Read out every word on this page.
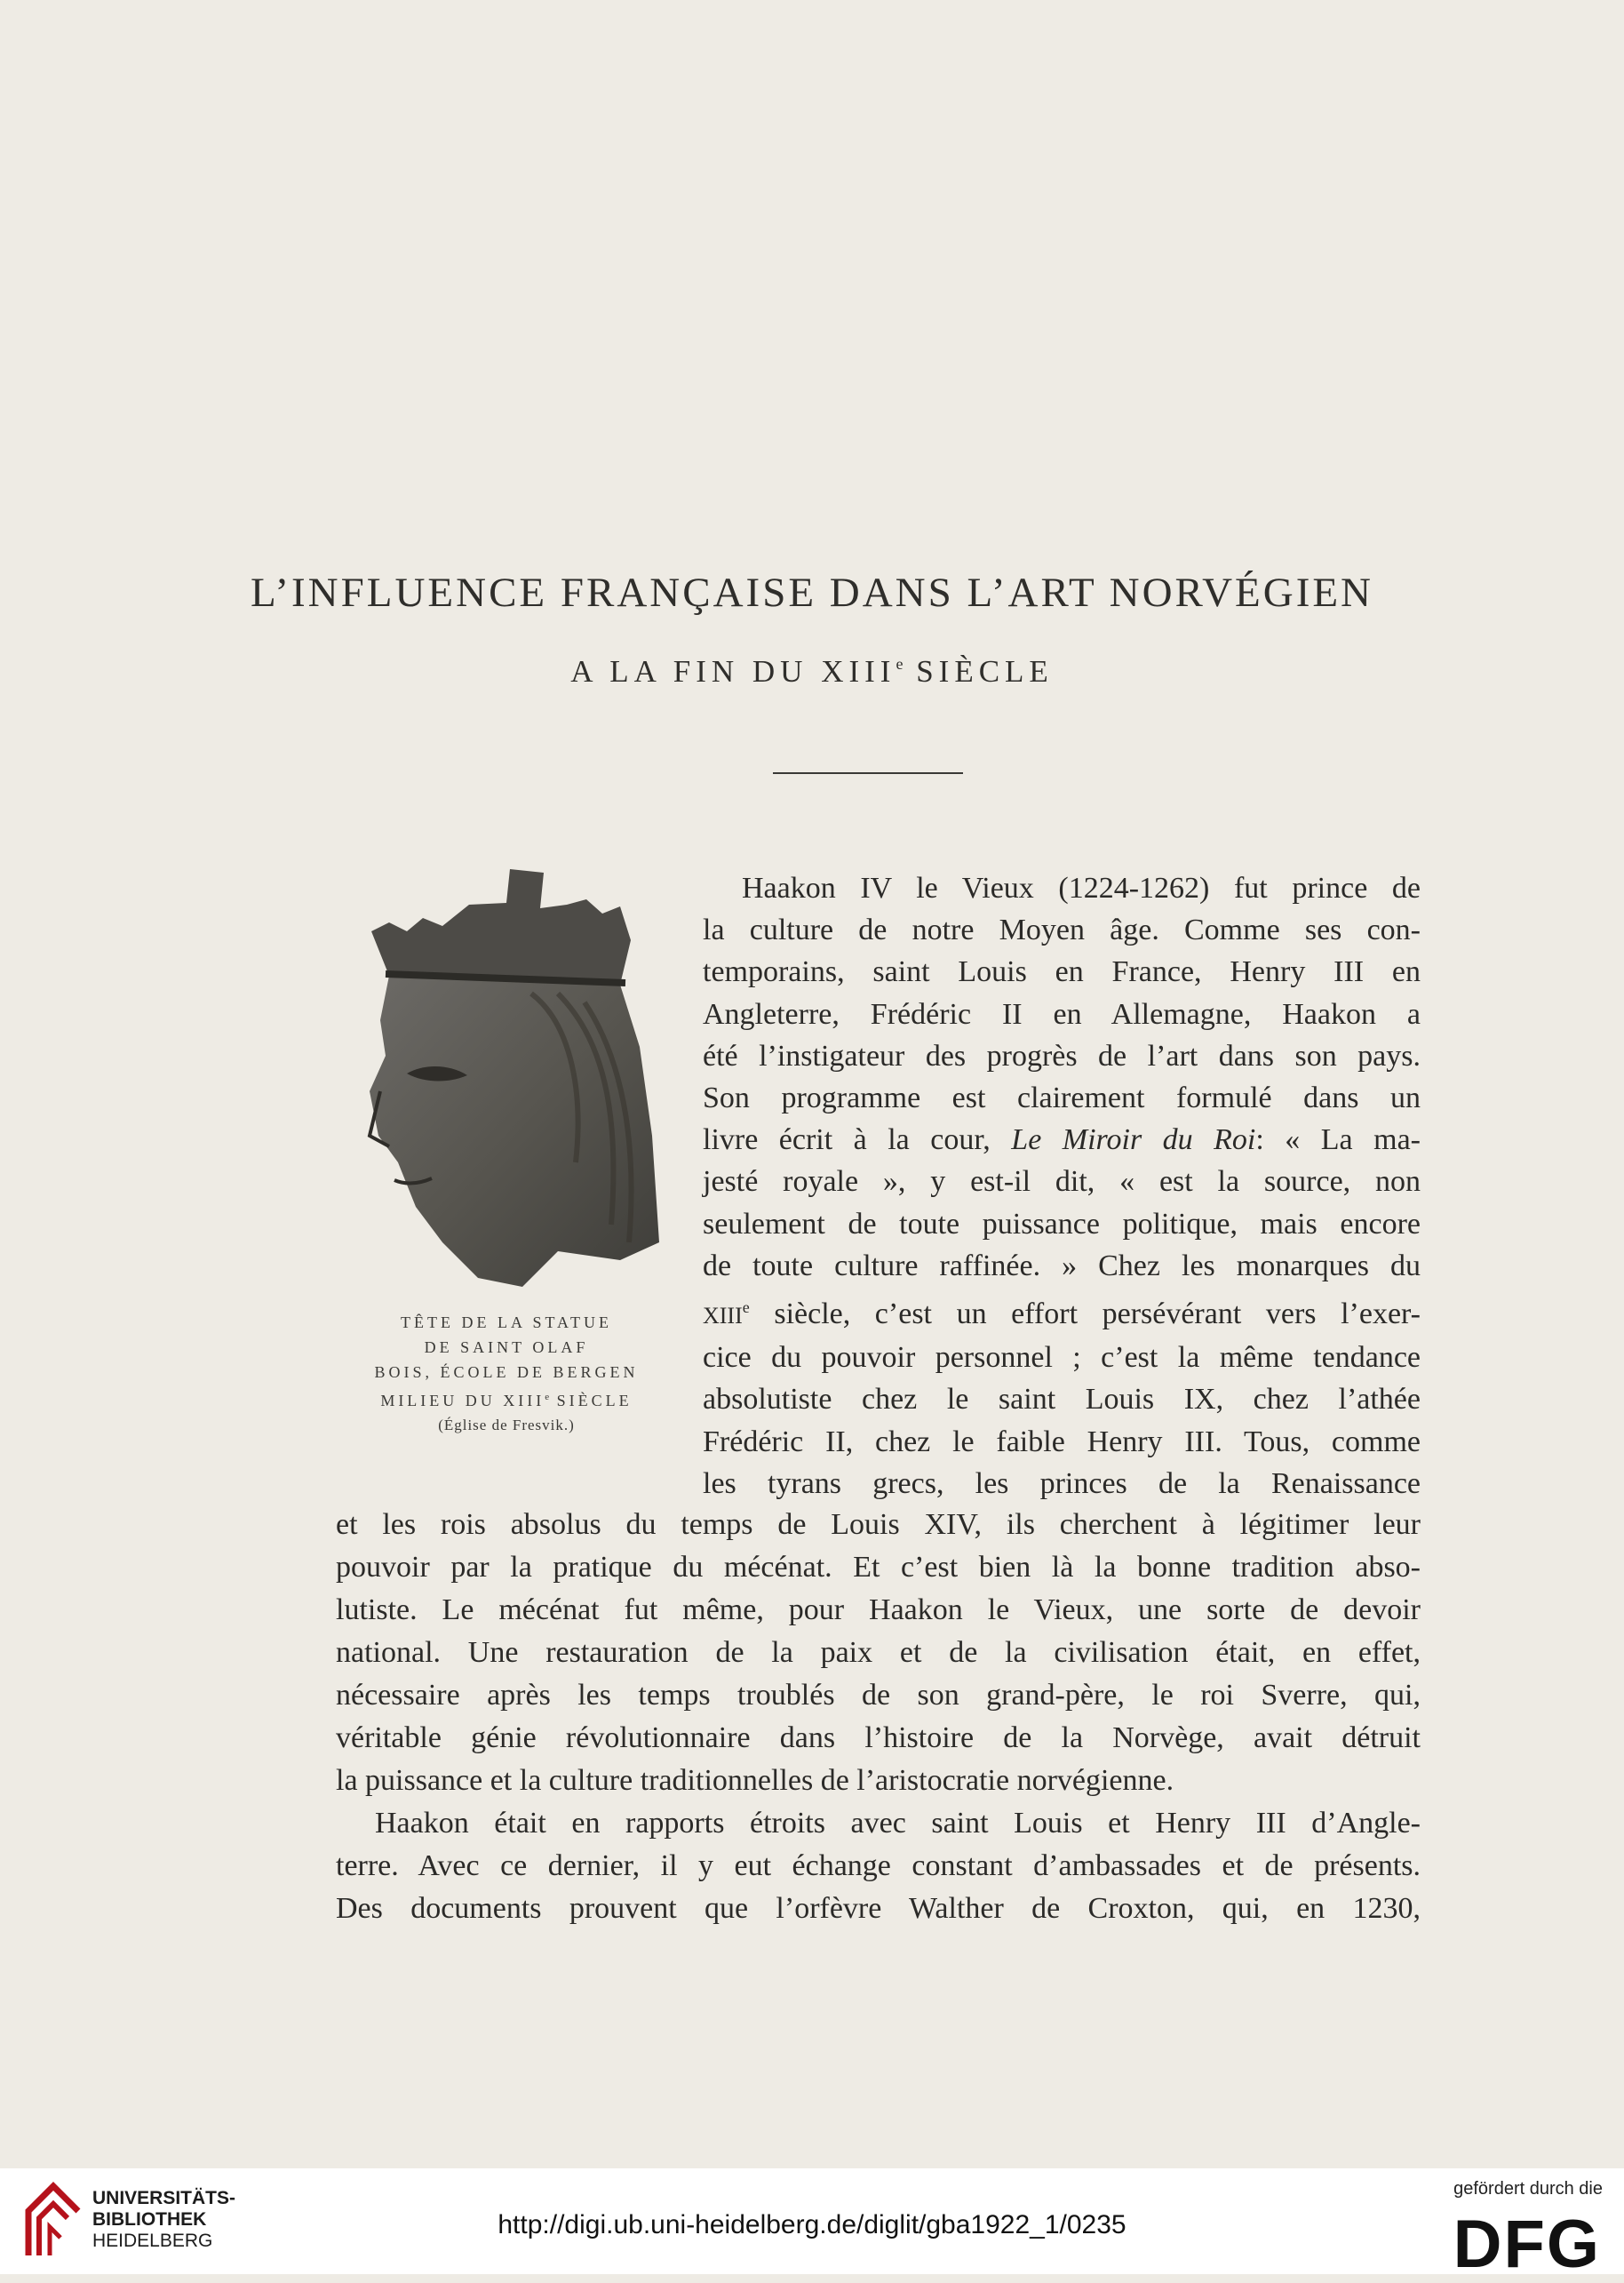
L’INFLUENCE FRANÇAISE DANS L’ART NORVÉGIEN
A LA FIN DU XIIIe SIÈCLE
TÊTE DE LA STATUE
DE SAINT OLAF
BOIS, ÉCOLE DE BERGEN
MILIEU DU XIIIe SIÈCLE
(Église de Fresvik.)
Haakon IV le Vieux (1224-1262) fut prince de
la culture de notre Moyen âge. Comme ses con-
temporains, saint Louis en France, Henry III en
Angleterre, Frédéric II en Allemagne, Haakon a
été l’instigateur des progrès de l’art dans son pays.
Son programme est clairement formulé dans un
livre écrit à la cour, Le Miroir du Roi: « La ma-
jesté royale », y est-il dit, « est la source, non
seulement de toute puissance politique, mais encore
de toute culture raffinée. » Chez les monarques du
XIIIe siècle, c’est un effort persévérant vers l’exer-
cice du pouvoir personnel ; c’est la même tendance
absolutiste chez le saint Louis IX, chez l’athée
Frédéric II, chez le faible Henry III. Tous, comme
les tyrans grecs, les princes de la Renaissance
et les rois absolus du temps de Louis XIV, ils cherchent à légitimer leur
pouvoir par la pratique du mécénat. Et c’est bien là la bonne tradition abso-
lutiste. Le mécénat fut même, pour Haakon le Vieux, une sorte de devoir
national. Une restauration de la paix et de la civilisation était, en effet,
nécessaire après les temps troublés de son grand-père, le roi Sverre, qui,
véritable génie révolutionnaire dans l’histoire de la Norvège, avait détruit
la puissance et la culture traditionnelles de l’aristocratie norvégienne.
Haakon était en rapports étroits avec saint Louis et Henry III d’Angle-
terre. Avec ce dernier, il y eut échange constant d’ambassades et de présents.
Des documents prouvent que l’orfèvre Walther de Croxton, qui, en 1230,
UNIVERSITÄTS-
BIBLIOTHEK
HEIDELBERG
http://digi.ub.uni-heidelberg.de/diglit/gba1922_1/0235
gefördert durch die
DFG
